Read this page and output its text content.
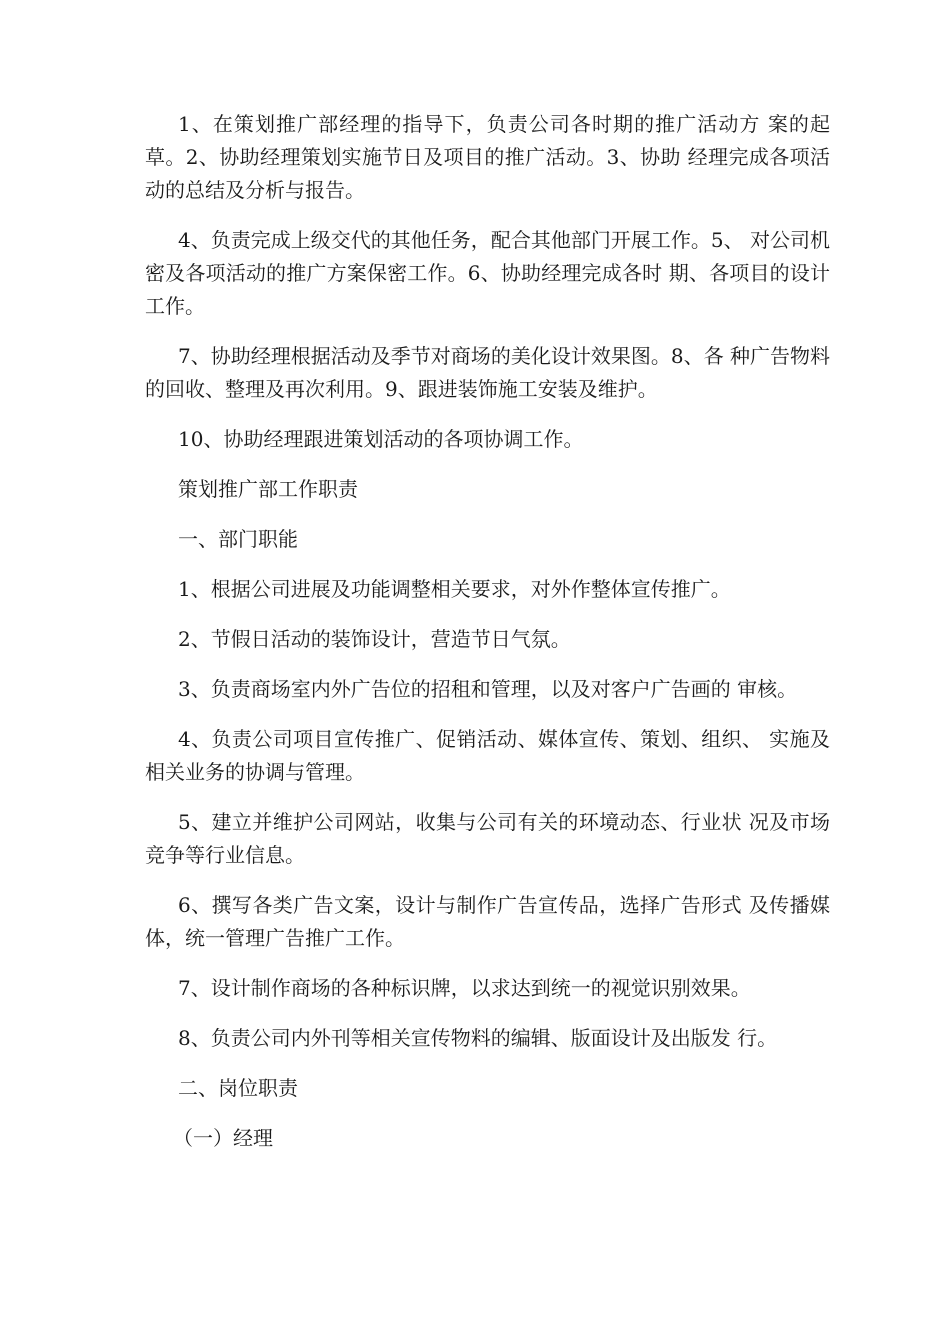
1、在策划推广部经理的指导下，负责公司各时期的推广活动方 案的起草。2、协助经理策划实施节日及项目的推广活动。3、协助 经理完成各项活动的总结及分析与报告。

4、负责完成上级交代的其他任务，配合其他部门开展工作。5、 对公司机密及各项活动的推广方案保密工作。6、协助经理完成各时 期、各项目的设计工作。

7、协助经理根据活动及季节对商场的美化设计效果图。8、各 种广告物料的回收、整理及再次利用。9、跟进装饰施工安装及维护。

10、协助经理跟进策划活动的各项协调工作。

策划推广部工作职责

一、部门职能

1、根据公司进展及功能调整相关要求，对外作整体宣传推广。

2、节假日活动的装饰设计，营造节日气氛。

3、负责商场室内外广告位的招租和管理，以及对客户广告画的 审核。

4、负责公司项目宣传推广、促销活动、媒体宣传、策划、组织、 实施及相关业务的协调与管理。

5、建立并维护公司网站，收集与公司有关的环境动态、行业状 况及市场竞争等行业信息。

6、撰写各类广告文案，设计与制作广告宣传品，选择广告形式 及传播媒体，统一管理广告推广工作。

7、设计制作商场的各种标识牌，以求达到统一的视觉识别效果。

8、负责公司内外刊等相关宣传物料的编辑、版面设计及出版发 行。

二、岗位职责

（一）经理
